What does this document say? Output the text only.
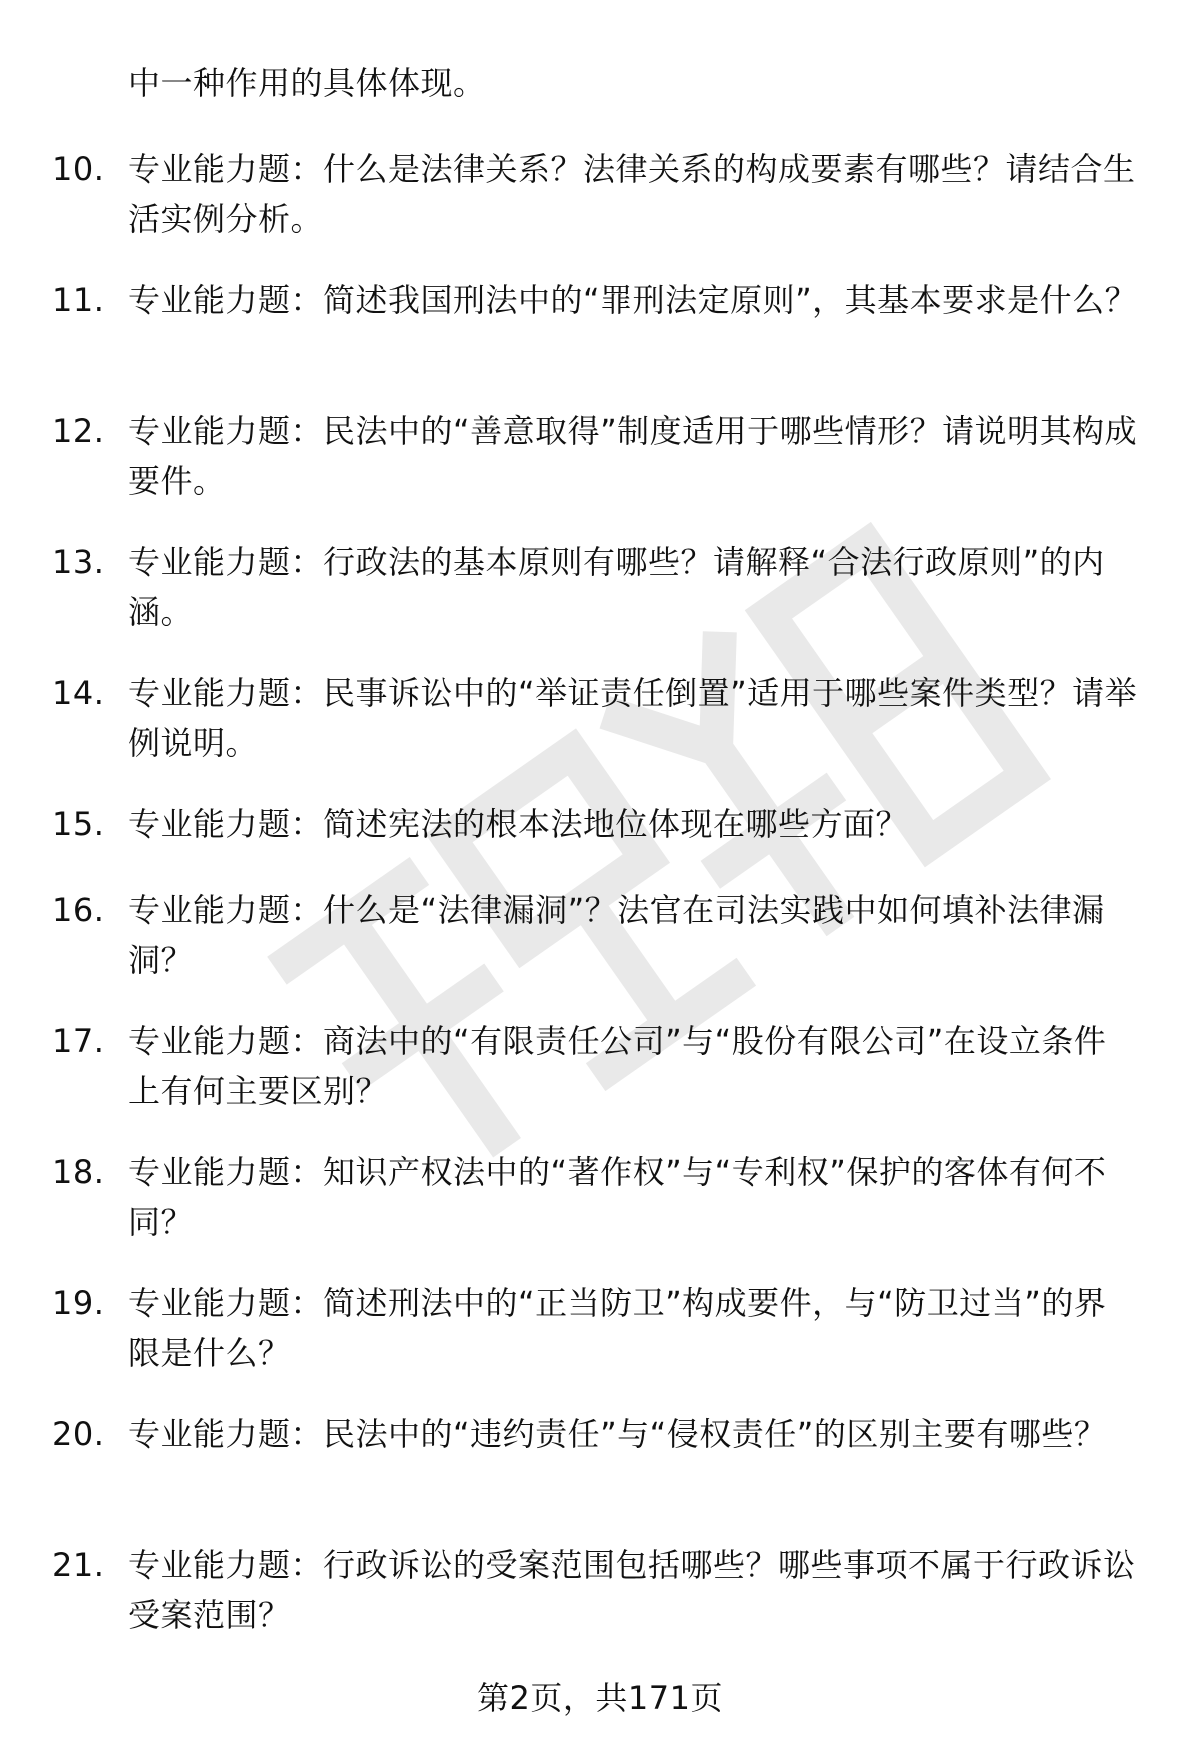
中一种作用的具体体现。
10. 专业能力题：什么是法律关系？法律关系的构成要素有哪些？请结合生活实例分析。
11. 专业能力题：简述我国刑法中的“罪刑法定原则”，其基本要求是什么？
12. 专业能力题：民法中的“善意取得”制度适用于哪些情形？请说明其构成要件。
13. 专业能力题：行政法的基本原则有哪些？请解释“合法行政原则”的内涵。
14. 专业能力题：民事诉讼中的“举证责任倒置”适用于哪些案件类型？请举例说明。
15. 专业能力题：简述宪法的根本法地位体现在哪些方面？
16. 专业能力题：什么是“法律漏洞”？法官在司法实践中如何填补法律漏洞？
17. 专业能力题：商法中的“有限责任公司”与“股份有限公司”在设立条件上有何主要区别？
18. 专业能力题：知识产权法中的“著作权”与“专利权”保护的客体有何不同？
19. 专业能力题：简述刑法中的“正当防卫”构成要件，与“防卫过当”的界限是什么？
20. 专业能力题：民法中的“违约责任”与“侵权责任”的区别主要有哪些？
21. 专业能力题：行政诉讼的受案范围包括哪些？哪些事项不属于行政诉讼受案范围？
第2页，共171页
